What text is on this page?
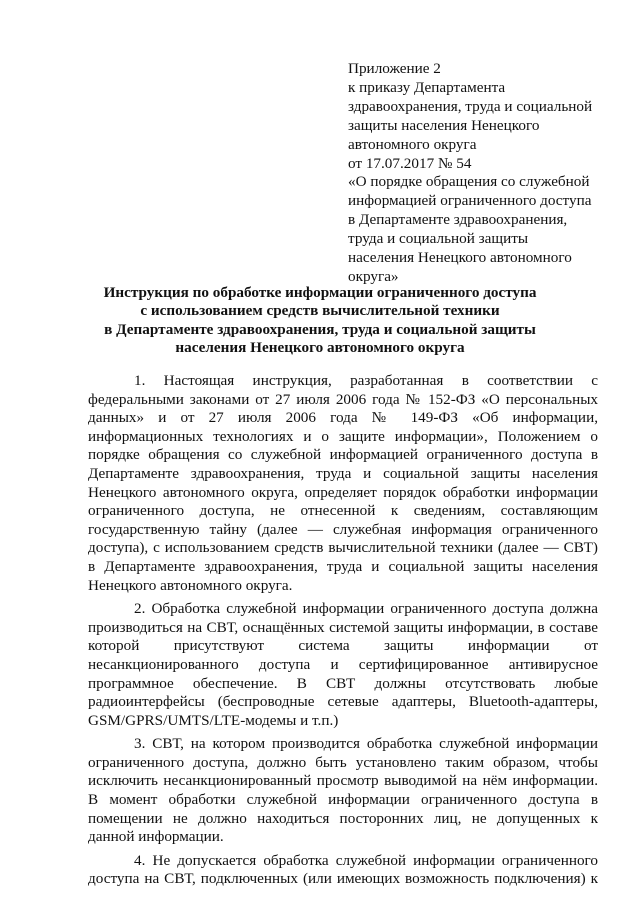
Приложение 2
к приказу Департамента
здравоохранения, труда и социальной
защиты населения Ненецкого
автономного округа
от 17.07.2017 № 54
«О порядке обращения со служебной
информацией ограниченного доступа
в Департаменте здравоохранения,
труда и социальной защиты
населения Ненецкого автономного
округа»
Инструкция по обработке информации ограниченного доступа
с использованием средств вычислительной техники
в Департаменте здравоохранения, труда и социальной защиты
населения Ненецкого автономного округа
1. Настоящая инструкция, разработанная в соответствии с
федеральными законами от 27 июля 2006 года № 152-ФЗ «О персональных
данных» и от 27 июля 2006 года № 149-ФЗ «Об информации,
информационных технологиях и о защите информации», Положением о
порядке обращения со служебной информацией ограниченного доступа в
Департаменте здравоохранения, труда и социальной защиты населения
Ненецкого автономного округа, определяет порядок обработки информации
ограниченного доступа, не отнесенной к сведениям, составляющим
государственную тайну (далее — служебная информация ограниченного
доступа), с использованием средств вычислительной техники (далее — СВТ)
в Департаменте здравоохранения, труда и социальной защиты населения
Ненецкого автономного округа.
2. Обработка служебной информации ограниченного доступа должна
производиться на СВТ, оснащённых системой защиты информации, в составе
которой присутствуют система защиты информации от
несанкционированного доступа и сертифицированное антивирусное
программное обеспечение. В СВТ должны отсутствовать любые
радиоинтерфейсы (беспроводные сетевые адаптеры, Bluetooth-адаптеры,
GSM/GPRS/UMTS/LTE-модемы и т.п.)
3. СВТ, на котором производится обработка служебной информации
ограниченного доступа, должно быть установлено таким образом, чтобы
исключить несанкционированный просмотр выводимой на нём информации.
В момент обработки служебной информации ограниченного доступа в
помещении не должно находиться посторонних лиц, не допущенных к
данной информации.
4. Не допускается обработка служебной информации ограниченного
доступа на СВТ, подключенных (или имеющих возможность подключения) к
